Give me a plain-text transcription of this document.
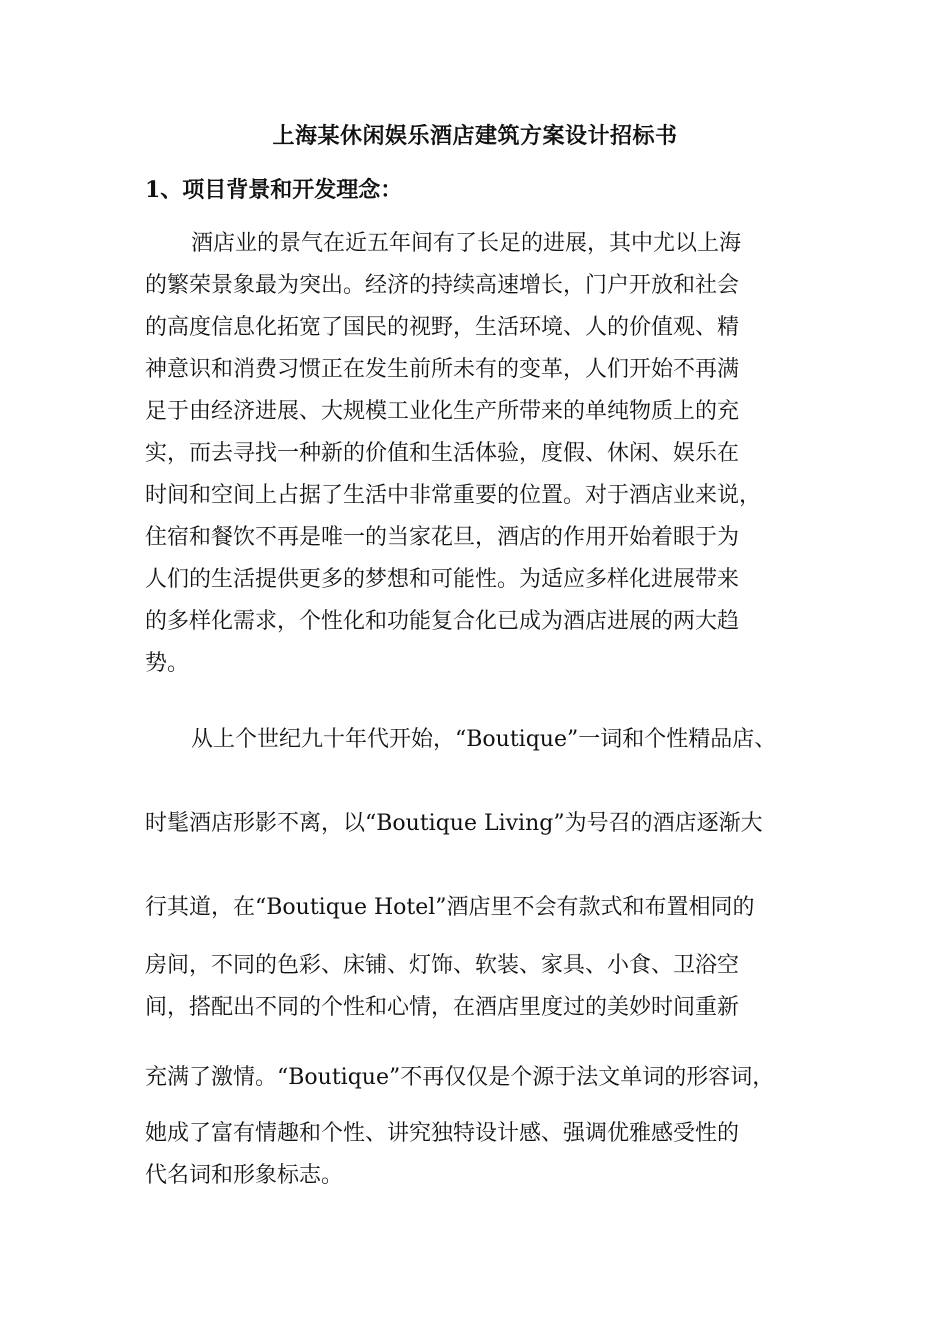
上海某休闲娱乐酒店建筑方案设计招标书
1、项目背景和开发理念：
酒店业的景气在近五年间有了长足的进展，其中尤以上海
的繁荣景象最为突出。经济的持续高速增长，门户开放和社会
的高度信息化拓宽了国民的视野，生活环境、人的价值观、精
神意识和消费习惯正在发生前所未有的变革，人们开始不再满
足于由经济进展、大规模工业化生产所带来的单纯物质上的充
实，而去寻找一种新的价值和生活体验，度假、休闲、娱乐在
时间和空间上占据了生活中非常重要的位置。对于酒店业来说，
住宿和餐饮不再是唯一的当家花旦，酒店的作用开始着眼于为
人们的生活提供更多的梦想和可能性。为适应多样化进展带来
的多样化需求，个性化和功能复合化已成为酒店进展的两大趋
势。
从上个世纪九十年代开始，“Boutique”一词和个性精品店、
时髦酒店形影不离，以“Boutique Living”为号召的酒店逐渐大
行其道，在“Boutique Hotel”酒店里不会有款式和布置相同的
房间，不同的色彩、床铺、灯饰、软装、家具、小食、卫浴空
间，搭配出不同的个性和心情，在酒店里度过的美妙时间重新
充满了激情。“Boutique”不再仅仅是个源于法文单词的形容词，
她成了富有情趣和个性、讲究独特设计感、强调优雅感受性的
代名词和形象标志。
